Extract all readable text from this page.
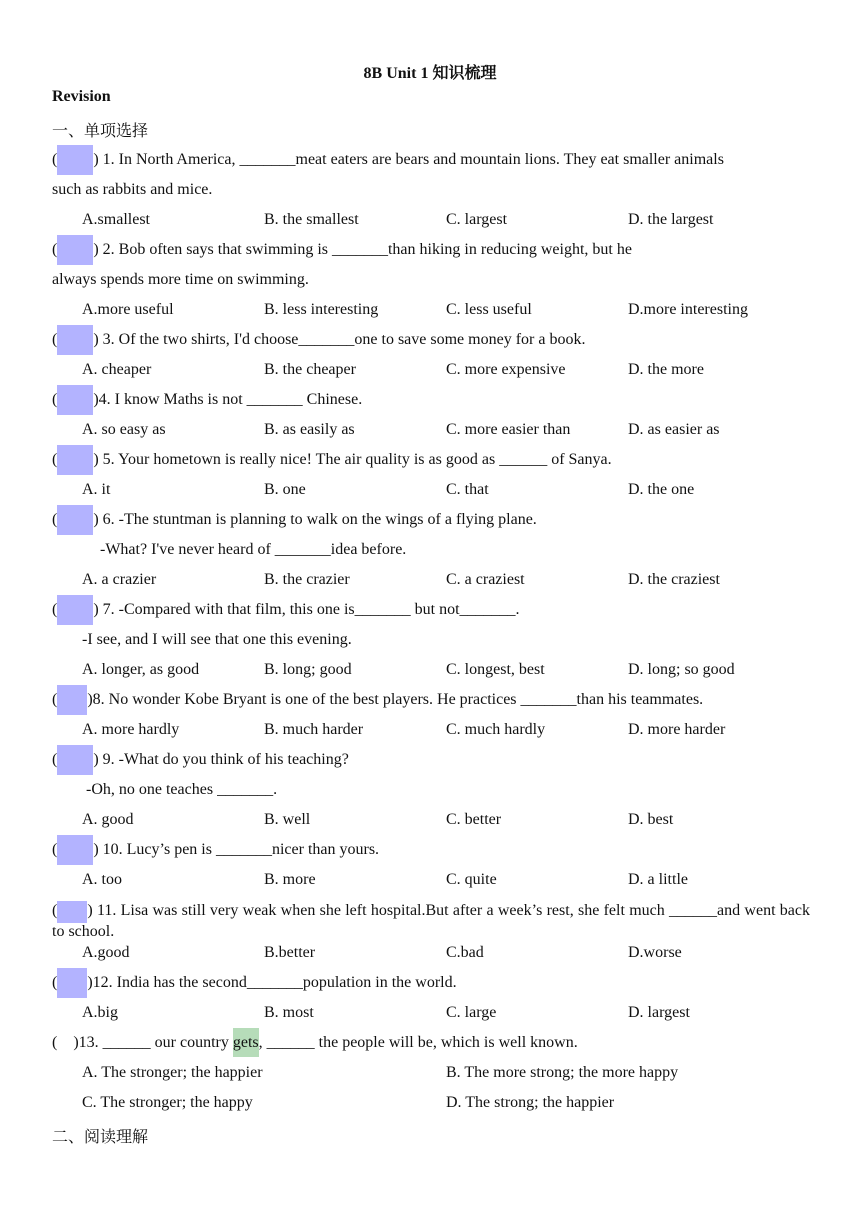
8B Unit 1 知识梳理
Revision
一、单项选择
( ) 1. In North America, _______meat eaters are bears and mountain lions. They eat smaller animals
such as rabbits and mice.
A.smallest	B. the smallest	C. largest	D. the largest
( ) 2. Bob often says that swimming is _______than hiking in reducing weight, but he
always spends more time on swimming.
A.more useful	B. less interesting	C. less useful	D.more interesting
( ) 3. Of the two shirts, I'd choose_______one to save some money for a book.
A. cheaper	B. the cheaper	C. more expensive	D. the more
( )4. I know Maths is not _______ Chinese.
A. so easy as	B. as easily as	C. more easier than	D. as easier as
( ) 5. Your hometown is really nice! The air quality is as good as ______ of Sanya.
A. it	B. one	C. that	D. the one
( ) 6. -The stuntman is planning to walk on the wings of a flying plane.
-What? I've never heard of _______idea before.
A. a crazier	B. the crazier	C. a craziest	D. the craziest
( ) 7. -Compared with that film, this one is_______ but not_______.
-I see, and I will see that one this evening.
A. longer, as good	B. long; good	C. longest, best	D. long; so good
( )8. No wonder Kobe Bryant is one of the best players. He practices _______than his teammates.
A. more hardly	B. much harder	C. much hardly	D. more harder
( ) 9. -What do you think of his teaching?
-Oh, no one teaches _______.
A. good	B. well	C. better	D. best
( ) 10. Lucy’s pen is _______nicer than yours.
A. too	B. more	C. quite	D. a little
( ) 11. Lisa was still very weak when she left hospital.But after a week’s rest, she felt much ______and went back to school.
A.good	B.better	C.bad	D.worse
( )12. India has the second_______population in the world.
A.big	B. most	C. large	D. largest
( )13. ______ our country gets, ______ the people will be, which is well known.
A. The stronger; the happier	B. The more strong; the more happy
C. The stronger; the happy	D. The strong; the happier
二、阅读理解
